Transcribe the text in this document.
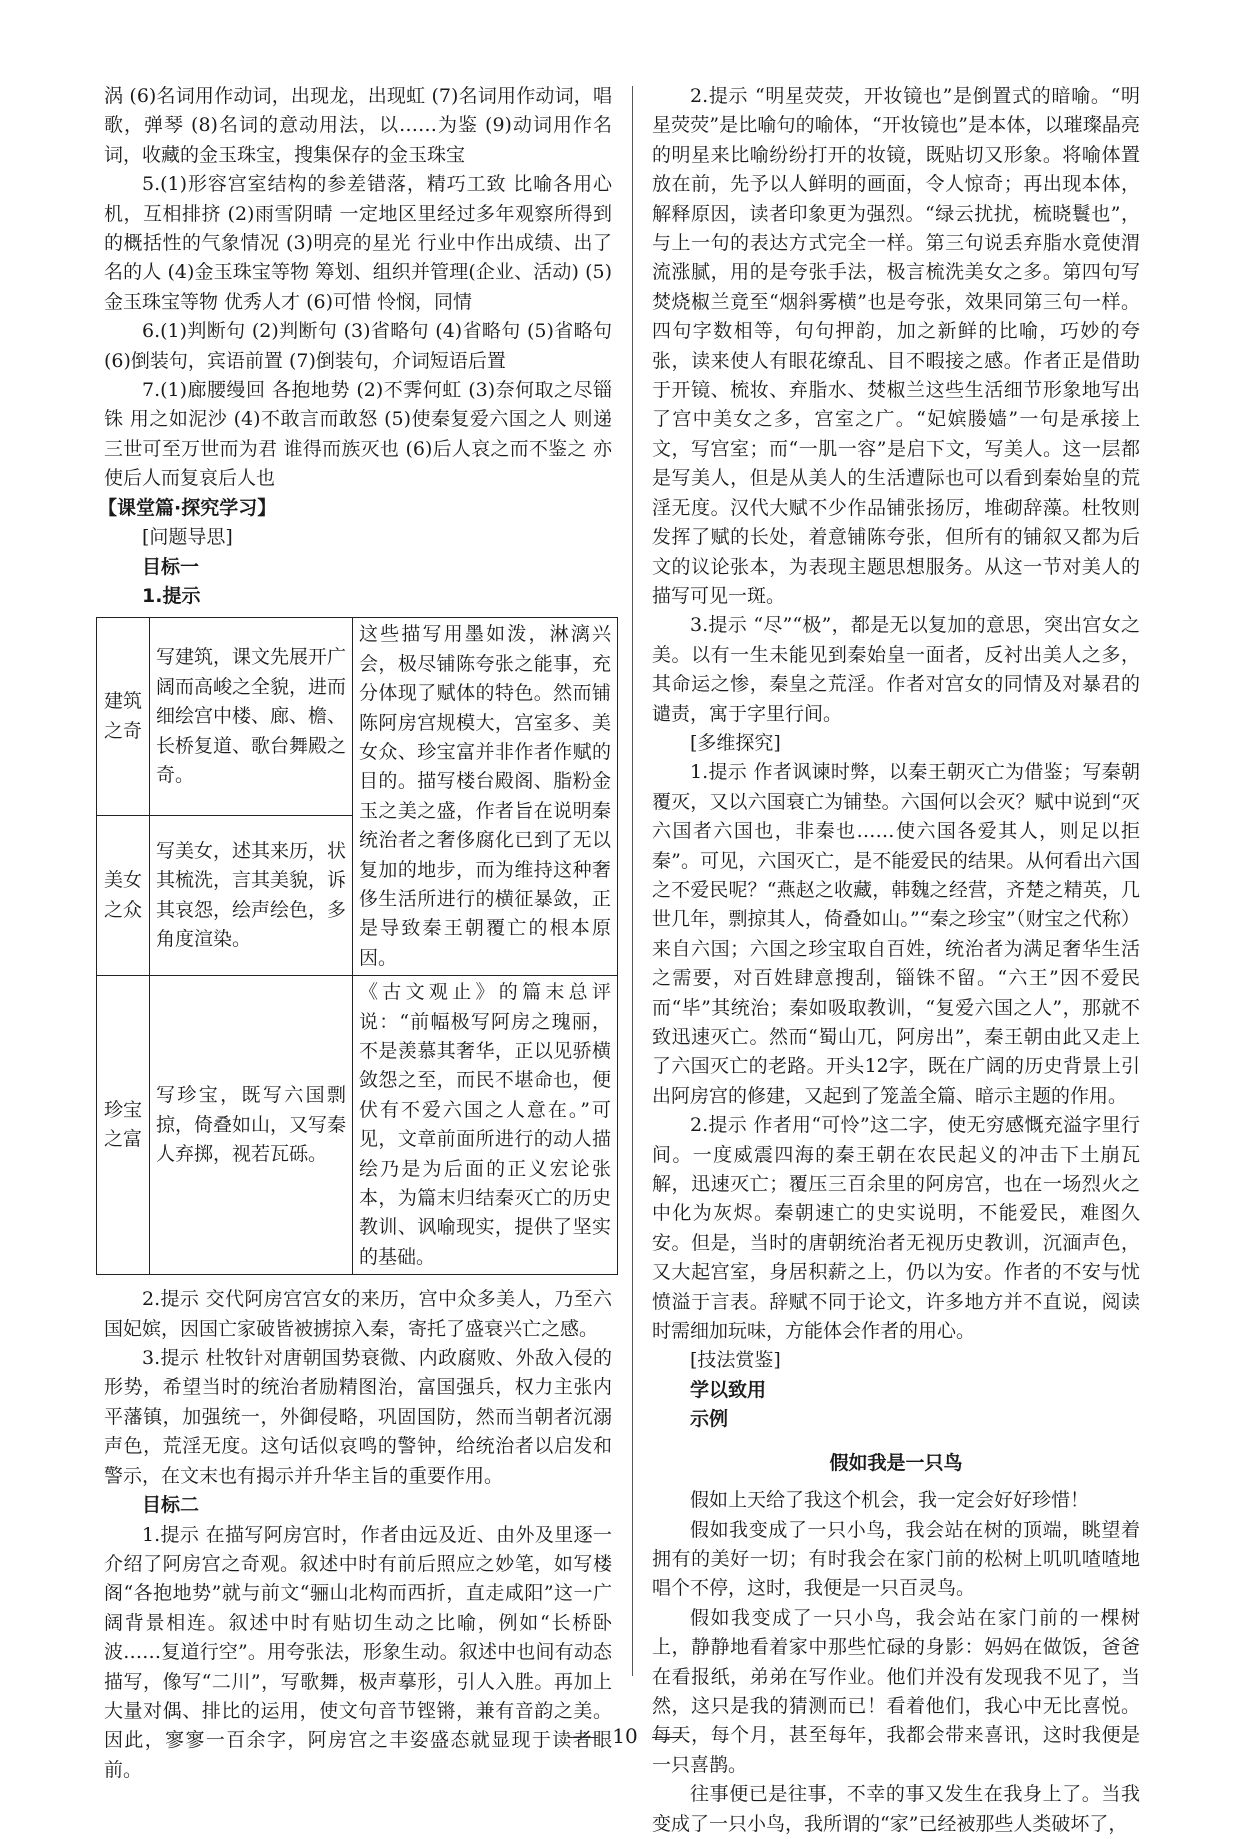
涡 (6)名词用作动词，出现龙，出现虹 (7)名词用作动词，唱歌，弹琴 (8)名词的意动用法，以……为鉴 (9)动词用作名词，收藏的金玉珠宝，搜集保存的金玉珠宝

5.(1)形容宫室结构的参差错落，精巧工致 比喻各用心机，互相排挤 (2)雨雪阴晴 一定地区里经过多年观察所得到的概括性的气象情况 (3)明亮的星光 行业中作出成绩、出了名的人 (4)金玉珠宝等物 筹划、组织并管理(企业、活动) (5)金玉珠宝等物 优秀人才 (6)可惜 怜悯，同情

6.(1)判断句 (2)判断句 (3)省略句 (4)省略句 (5)省略句 (6)倒装句，宾语前置 (7)倒装句，介词短语后置

7.(1)廊腰缦回 各抱地势 (2)不霁何虹 (3)奈何取之尽锱铢 用之如泥沙 (4)不敢言而敢怒 (5)使秦复爱六国之人 则递三世可至万世而为君 谁得而族灭也 (6)后人哀之而不鉴之 亦使后人而复哀后人也

【课堂篇·探究学习】

[问题导思]

目标一

1.提示

建筑之奇	写建筑，课文先展开广阔而高峻之全貌，进而细绘宫中楼、廊、檐、长桥复道、歌台舞殿之奇。	这些描写用墨如泼，淋漓兴会，极尽铺陈夸张之能事，充分体现了赋体的特色。然而铺陈阿房宫规模大，宫室多、美女众、珍宝富并非作者作赋的目的。描写楼台殿阁、脂粉金玉之美之盛，作者旨在说明秦统治者之奢侈腐化已到了无以复加的地步，而为维持这种奢侈生活所进行的横征暴敛，正是导致秦王朝覆亡的根本原因。
美女之众	写美女，述其来历，状其梳洗，言其美貌，诉其哀怨，绘声绘色，多角度渲染。	
珍宝之富	写珍宝，既写六国剽掠，倚叠如山，又写秦人弃掷，视若瓦砾。	《古文观止》的篇末总评说：“前幅极写阿房之瑰丽，不是羡慕其奢华，正以见骄横敛怨之至，而民不堪命也，便伏有不爱六国之人意在。”可见，文章前面所进行的动人描绘乃是为后面的正义宏论张本，为篇末归结秦灭亡的历史教训、讽喻现实，提供了坚实的基础。

2.提示 交代阿房宫宫女的来历，宫中众多美人，乃至六国妃嫔，因国亡家破皆被掳掠入秦，寄托了盛衰兴亡之感。

3.提示 杜牧针对唐朝国势衰微、内政腐败、外敌入侵的形势，希望当时的统治者励精图治，富国强兵，权力主张内平藩镇，加强统一，外御侵略，巩固国防，然而当朝者沉溺声色，荒淫无度。这句话似哀鸣的警钟，给统治者以启发和警示，在文末也有揭示并升华主旨的重要作用。

目标二

1.提示 在描写阿房宫时，作者由远及近、由外及里逐一介绍了阿房宫之奇观。叙述中时有前后照应之妙笔，如写楼阁“各抱地势”就与前文“骊山北构而西折，直走咸阳”这一广阔背景相连。叙述中时有贴切生动之比喻，例如“长桥卧波……复道行空”。用夸张法，形象生动。叙述中也间有动态描写，像写“二川”，写歌舞，极声摹形，引人入胜。再加上大量对偶、排比的运用，使文句音节铿锵，兼有音韵之美。因此，寥寥一百余字，阿房宫之丰姿盛态就显现于读者眼前。

2.提示 “明星荧荧，开妆镜也”是倒置式的暗喻。“明星荧荧”是比喻句的喻体，“开妆镜也”是本体，以璀璨晶亮的明星来比喻纷纷打开的妆镜，既贴切又形象。将喻体置放在前，先予以人鲜明的画面，令人惊奇；再出现本体，解释原因，读者印象更为强烈。“绿云扰扰，梳晓鬟也”，与上一句的表达方式完全一样。第三句说丢弃脂水竟使渭流涨腻，用的是夸张手法，极言梳洗美女之多。第四句写焚烧椒兰竟至“烟斜雾横”也是夸张，效果同第三句一样。四句字数相等，句句押韵，加之新鲜的比喻，巧妙的夸张，读来使人有眼花缭乱、目不暇接之感。作者正是借助于开镜、梳妆、弃脂水、焚椒兰这些生活细节形象地写出了宫中美女之多，宫室之广。“妃嫔媵嫱”一句是承接上文，写宫室；而“一肌一容”是启下文，写美人。这一层都是写美人，但是从美人的生活遭际也可以看到秦始皇的荒淫无度。汉代大赋不少作品铺张扬厉，堆砌辞藻。杜牧则发挥了赋的长处，着意铺陈夸张，但所有的铺叙又都为后文的议论张本，为表现主题思想服务。从这一节对美人的描写可见一斑。

3.提示 “尽”“极”，都是无以复加的意思，突出宫女之美。以有一生未能见到秦始皇一面者，反衬出美人之多，其命运之惨，秦皇之荒淫。作者对宫女的同情及对暴君的谴责，寓于字里行间。

[多维探究]

1.提示 作者讽谏时弊，以秦王朝灭亡为借鉴；写秦朝覆灭，又以六国衰亡为铺垫。六国何以会灭？赋中说到“灭六国者六国也，非秦也……使六国各爱其人，则足以拒秦”。可见，六国灭亡，是不能爱民的结果。从何看出六国之不爱民呢？“燕赵之收藏，韩魏之经营，齐楚之精英，几世几年，剽掠其人，倚叠如山。”“秦之珍宝”（财宝之代称）来自六国；六国之珍宝取自百姓，统治者为满足奢华生活之需要，对百姓肆意搜刮，锱铢不留。“六王”因不爱民而“毕”其统治；秦如吸取教训，“复爱六国之人”，那就不致迅速灭亡。然而“蜀山兀，阿房出”，秦王朝由此又走上了六国灭亡的老路。开头12字，既在广阔的历史背景上引出阿房宫的修建，又起到了笼盖全篇、暗示主题的作用。

2.提示 作者用“可怜”这二字，使无穷感慨充溢字里行间。一度威震四海的秦王朝在农民起义的冲击下土崩瓦解，迅速灭亡；覆压三百余里的阿房宫，也在一场烈火之中化为灰烬。秦朝速亡的史实说明，不能爱民，难图久安。但是，当时的唐朝统治者无视历史教训，沉湎声色，又大起宫室，身居积薪之上，仍以为安。作者的不安与忧愤溢于言表。辞赋不同于论文，许多地方并不直说，阅读时需细加玩味，方能体会作者的用心。

[技法赏鉴]

学以致用

示例

假如我是一只鸟

假如上天给了我这个机会，我一定会好好珍惜！

假如我变成了一只小鸟，我会站在树的顶端，眺望着拥有的美好一切；有时我会在家门前的松树上叽叽喳喳地唱个不停，这时，我便是一只百灵鸟。

假如我变成了一只小鸟，我会站在家门前的一棵树上，静静地看着家中那些忙碌的身影：妈妈在做饭，爸爸在看报纸，弟弟在写作业。他们并没有发现我不见了，当然，这只是我的猜测而已！看着他们，我心中无比喜悦。每天，每个月，甚至每年，我都会带来喜讯，这时我便是一只喜鹊。

往事便已是往事，不幸的事又发生在我身上了。当我变成了一只小鸟，我所谓的“家”已经被那些人类破坏了，

10
